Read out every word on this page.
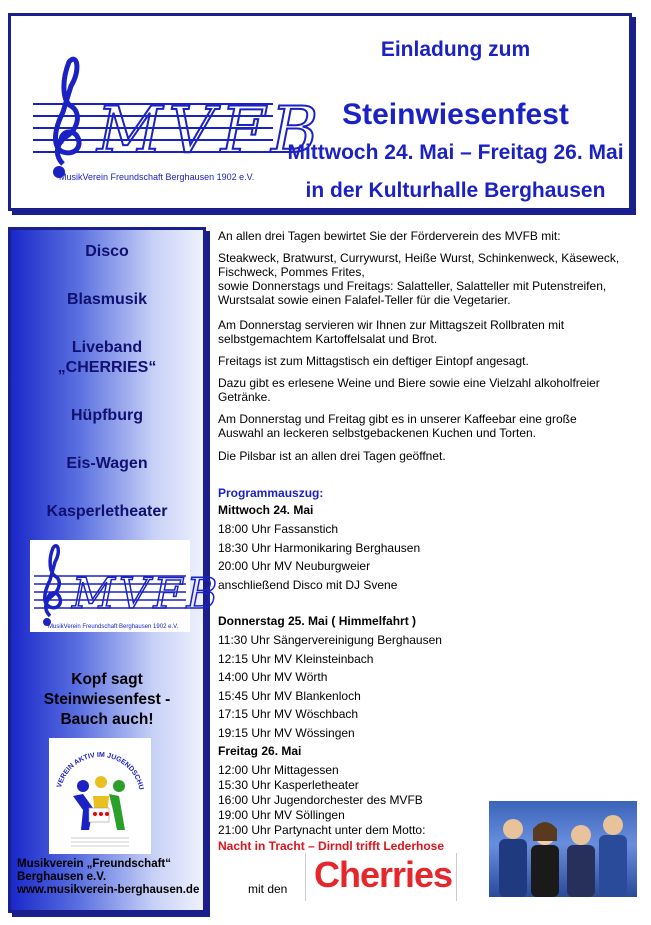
MVFB
MusikVerein Freundschaft Berghausen 1902 e.V.
Einladung zum
Steinwiesenfest
Mittwoch 24. Mai – Freitag 26. Mai
in der Kulturhalle Berghausen
Disco
Blasmusik
Liveband
„CHERRIES“
Hüpfburg
Eis-Wagen
Kasperletheater
MVFB
MusikVerein Freundschaft Berghausen 1902 e.V.
Kopf sagt
Steinwiesenfest -
Bauch auch!
VEREIN AKTIV IM JUGENDSCHU
Musikverein „Freundschaft“
Berghausen e.V.
www.musikverein-berghausen.de

An allen drei Tagen bewirtet Sie der Förderverein des MVFB mit:

Steakweck, Bratwurst, Currywurst, Heiße Wurst, Schinkenweck, Käseweck,
Fischweck, Pommes Frites,
sowie Donnerstags und Freitags: Salatteller, Salatteller mit Putenstreifen,
Wurstsalat sowie einen Falafel-Teller für die Vegetarier.

Am Donnerstag servieren wir Ihnen zur Mittagszeit Rollbraten mit
selbstgemachtem Kartoffelsalat und Brot.

Freitags ist zum Mittagstisch ein deftiger Eintopf angesagt.

Dazu gibt es erlesene Weine und Biere sowie eine Vielzahl alkoholfreier
Getränke.

Am Donnerstag und Freitag gibt es in unserer Kaffeebar eine große
Auswahl an leckeren selbstgebackenen Kuchen und Torten.

Die Pilsbar ist an allen drei Tagen geöffnet.

Programmauszug:

Mittwoch 24. Mai

18:00 Uhr Fassanstich

18:30 Uhr Harmonikaring Berghausen

20:00 Uhr MV Neuburgweier

anschließend Disco mit DJ Svene

Donnerstag 25. Mai ( Himmelfahrt )

11:30 Uhr Sängervereinigung Berghausen

12:15 Uhr MV Kleinsteinbach

14:00 Uhr MV Wörth

15:45 Uhr MV Blankenloch

17:15 Uhr MV Wöschbach

19:15 Uhr MV Wössingen

Freitag 26. Mai

12:00 Uhr Mittagessen

15:30 Uhr Kasperletheater

16:00 Uhr Jugendorchester des MVFB

19:00 Uhr MV Söllingen

21:00 Uhr Partynacht unter dem Motto:

Nacht in Tracht – Dirndl trifft Lederhose

mit den Cherries
